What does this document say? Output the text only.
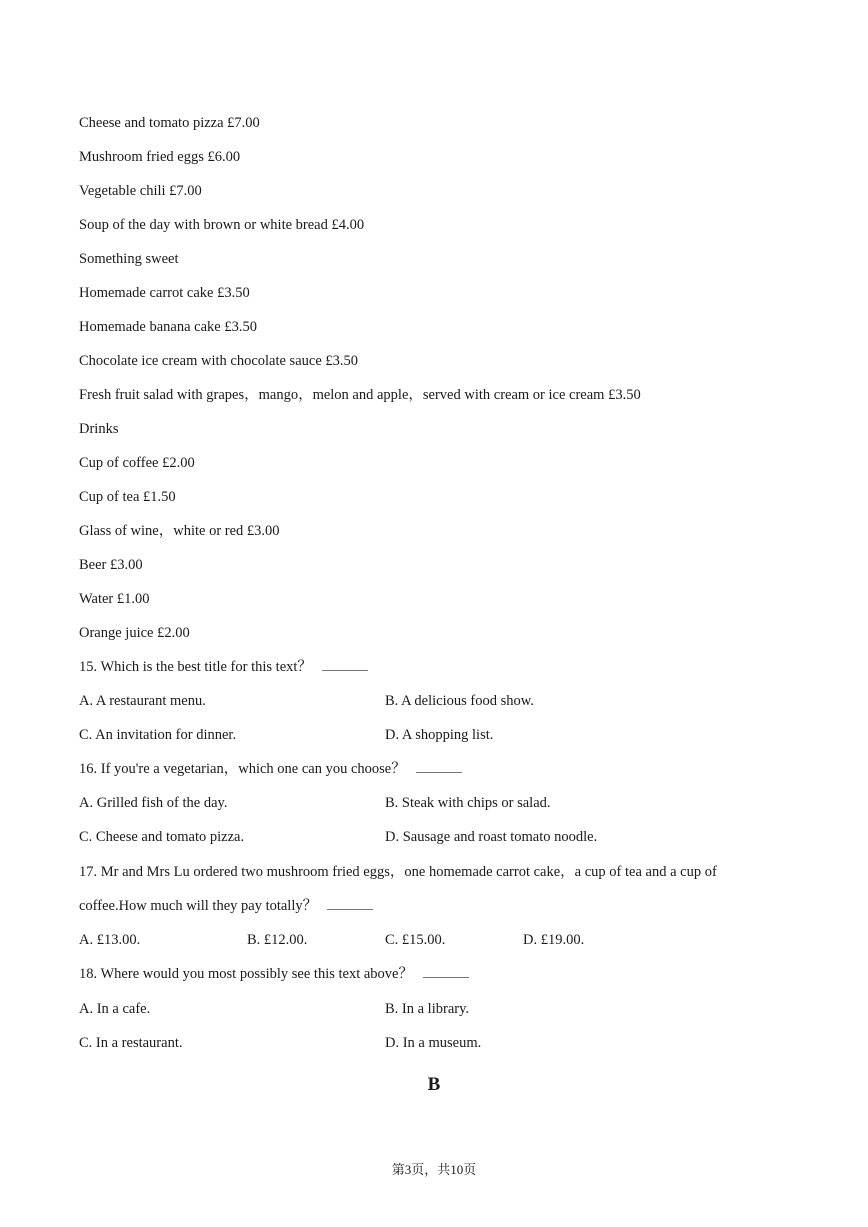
Cheese and tomato pizza £7.00
Mushroom fried eggs £6.00
Vegetable chili £7.00
Soup of the day with brown or white bread £4.00
Something sweet
Homemade carrot cake £3.50
Homemade banana cake £3.50
Chocolate ice cream with chocolate sauce £3.50
Fresh fruit salad with grapes，mango，melon and apple，served with cream or ice cream £3.50
Drinks
Cup of coffee £2.00
Cup of tea £1.50
Glass of wine，white or red £3.00
Beer £3.00
Water £1.00
Orange juice £2.00
15. Which is the best title for this text？
A. A restaurant menu.	B. A delicious food show.
C. An invitation for dinner.	D. A shopping list.
16. If you're a vegetarian，which one can you choose？
A. Grilled fish of the day.	B. Steak with chips or salad.
C. Cheese and tomato pizza.	D. Sausage and roast tomato noodle.
17. Mr and Mrs Lu ordered two mushroom fried eggs，one homemade carrot cake，a cup of tea and a cup of
coffee.How much will they pay totally？
A. £13.00.	B. £12.00.	C. £15.00.	D. £19.00.
18. Where would you most possibly see this text above？
A. In a cafe.	B. In a library.
C. In a restaurant.	D. In a museum.
B
第3页，共10页
